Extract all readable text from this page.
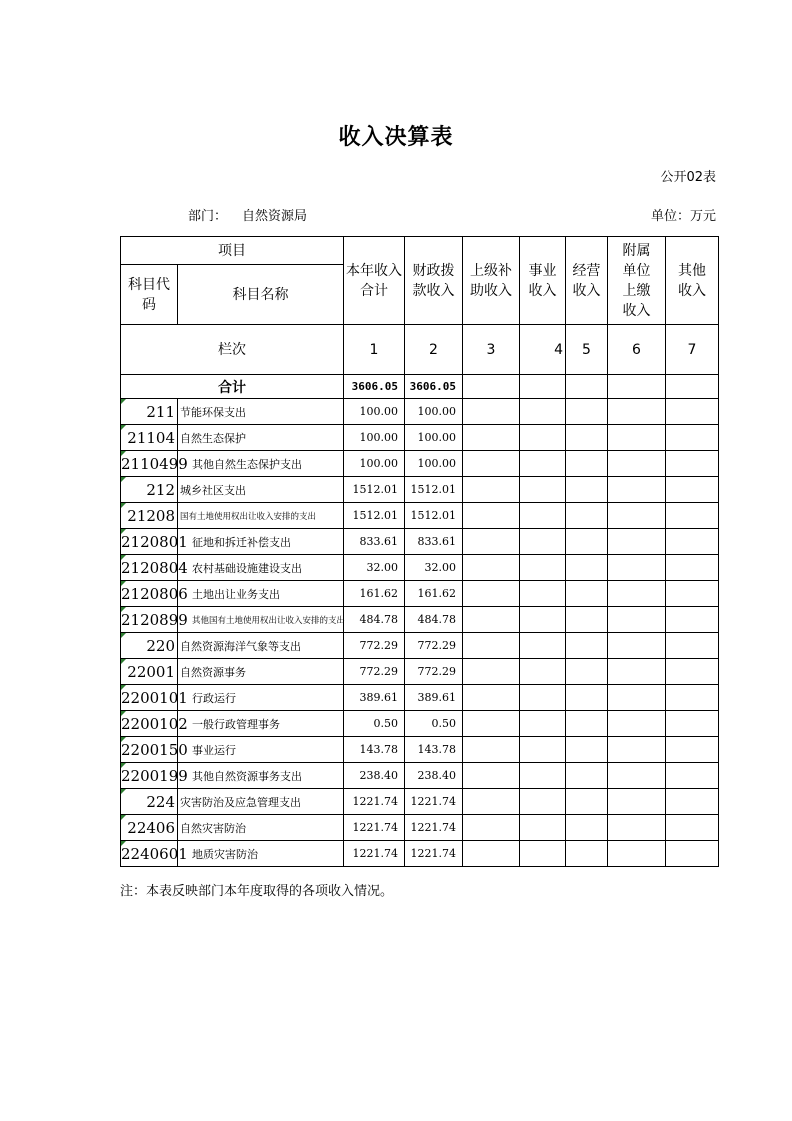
收入决算表
公开02表
部门： 自然资源局	单位：万元
项目		本年收入合计	财政拨款收入	上级补助收入	事业收入	经营收入	附属单位上缴收入	其他收入
科目代码	科目名称							
栏次		1	2	3	4	5	6	7
合计		3606.05	3606.05					
211	节能环保支出	100.00	100.00					
21104	自然生态保护	100.00	100.00					
2110499	其他自然生态保护支出	100.00	100.00					
212	城乡社区支出	1512.01	1512.01					
21208	国有土地使用权出让收入安排的支出	1512.01	1512.01					
2120801	征地和拆迁补偿支出	833.61	833.61					
2120804	农村基础设施建设支出	32.00	32.00					
2120806	土地出让业务支出	161.62	161.62					
2120899	其他国有土地使用权出让收入安排的支出	484.78	484.78					
220	自然资源海洋气象等支出	772.29	772.29					
22001	自然资源事务	772.29	772.29					
2200101	行政运行	389.61	389.61					
2200102	一般行政管理事务	0.50	0.50					
2200150	事业运行	143.78	143.78					
2200199	其他自然资源事务支出	238.40	238.40					
224	灾害防治及应急管理支出	1221.74	1221.74					
22406	自然灾害防治	1221.74	1221.74					
2240601	地质灾害防治	1221.74	1221.74					
注：本表反映部门本年度取得的各项收入情况。
